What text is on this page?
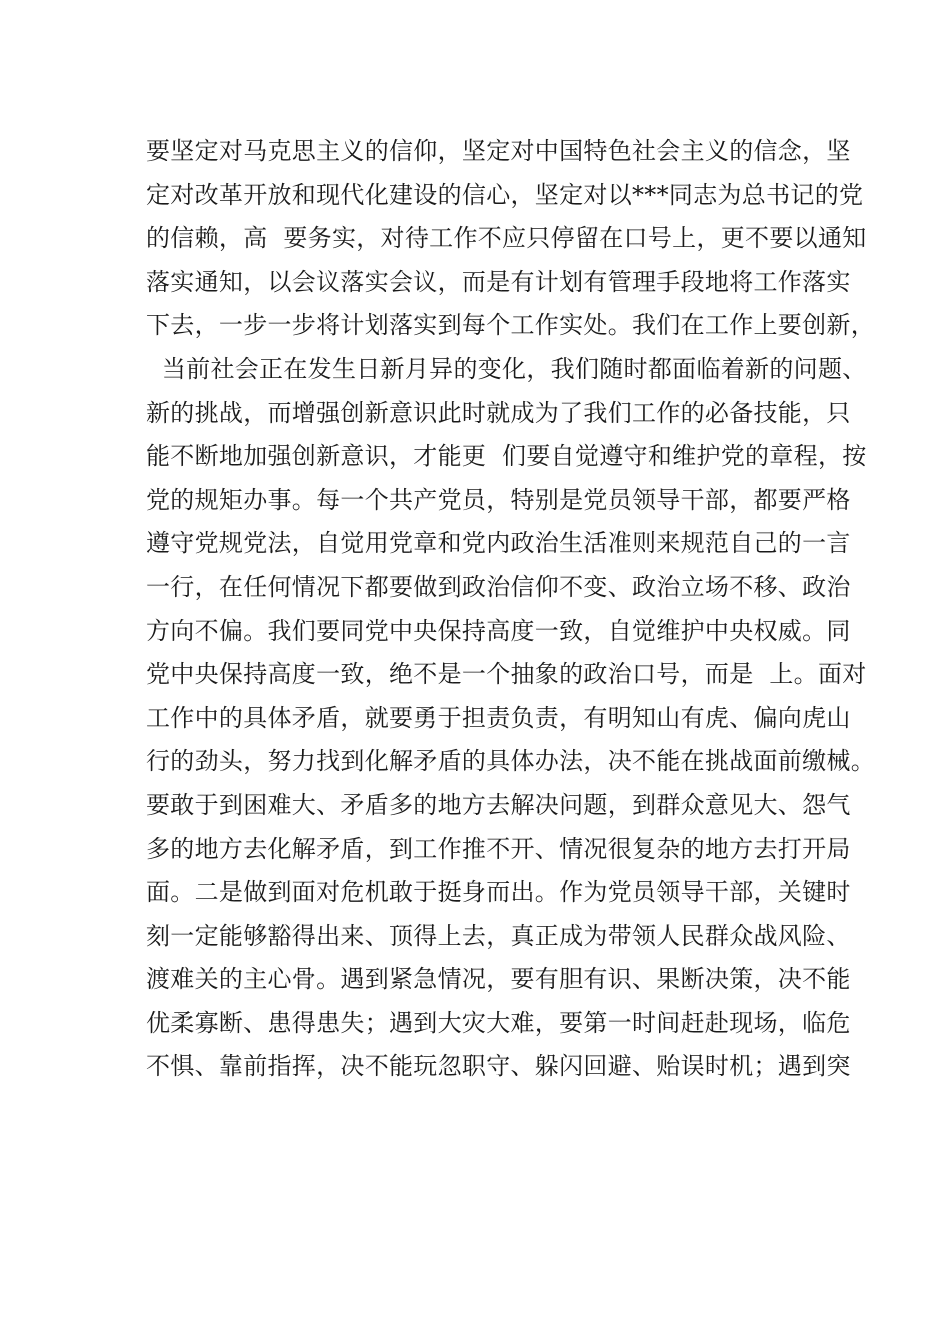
要坚定对马克思主义的信仰，坚定对中国特色社会主义的信念，坚
定对改革开放和现代化建设的信心，坚定对以***同志为总书记的党
的信赖，高  要务实，对待工作不应只停留在口号上，更不要以通知
落实通知，以会议落实会议，而是有计划有管理手段地将工作落实
下去，一步一步将计划落实到每个工作实处。我们在工作上要创新，
当前社会正在发生日新月异的变化，我们随时都面临着新的问题、
新的挑战，而增强创新意识此时就成为了我们工作的必备技能，只
能不断地加强创新意识，才能更  们要自觉遵守和维护党的章程，按
党的规矩办事。每一个共产党员，特别是党员领导干部，都要严格
遵守党规党法，自觉用党章和党内政治生活准则来规范自己的一言
一行，在任何情况下都要做到政治信仰不变、政治立场不移、政治
方向不偏。我们要同党中央保持高度一致，自觉维护中央权威。同
党中央保持高度一致，绝不是一个抽象的政治口号，而是  上。面对
工作中的具体矛盾，就要勇于担责负责，有明知山有虎、偏向虎山
行的劲头，努力找到化解矛盾的具体办法，决不能在挑战面前缴械。
要敢于到困难大、矛盾多的地方去解决问题，到群众意见大、怨气
多的地方去化解矛盾，到工作推不开、情况很复杂的地方去打开局
面。二是做到面对危机敢于挺身而出。作为党员领导干部，关键时
刻一定能够豁得出来、顶得上去，真正成为带领人民群众战风险、
渡难关的主心骨。遇到紧急情况，要有胆有识、果断决策，决不能
优柔寡断、患得患失；遇到大灾大难，要第一时间赶赴现场，临危
不惧、靠前指挥，决不能玩忽职守、躲闪回避、贻误时机；遇到突
